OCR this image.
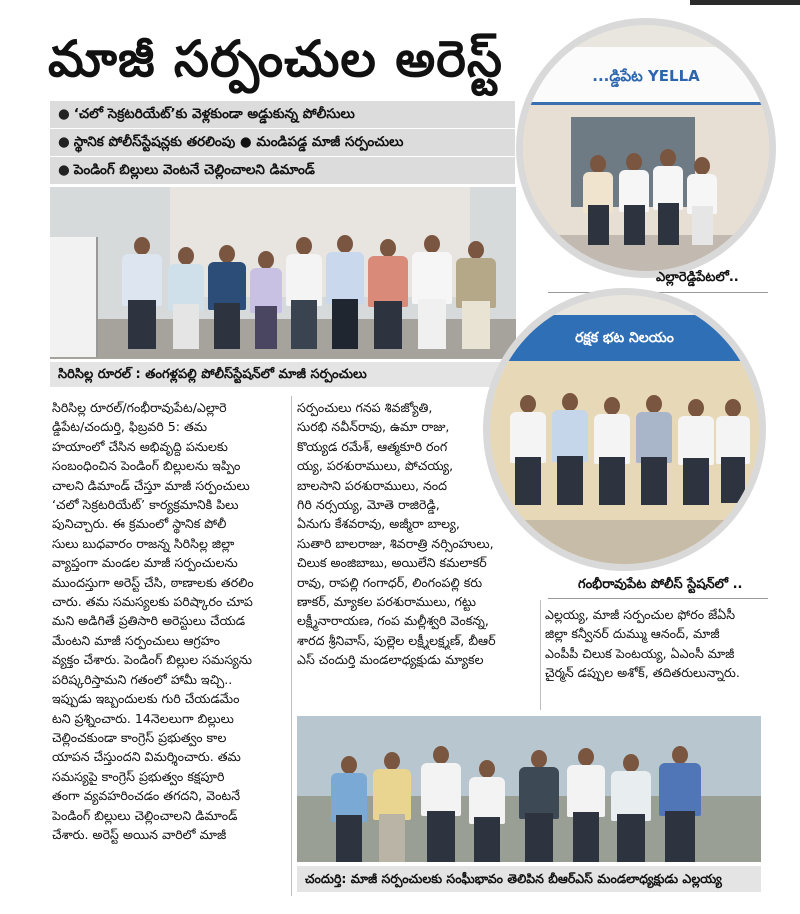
మాజీ సర్పంచుల అరెస్ట్
● ‘చలో సెక్రటరియేట్’కు వెళ్లకుండా అడ్డుకున్న పోలీసులు
● స్థానిక పోలీస్‌స్టేషన్లకు తరలింపు ● మండిపడ్డ మాజీ సర్పంచులు
● పెండింగ్ బిల్లులు వెంటనే చెల్లించాలని డిమాండ్
సిరిసిల్ల రూరల్ : తంగళ్లపల్లి పోలీస్‌స్టేషన్‌లో మాజీ సర్పంచులు
...డ్డిపేట YELLA
ఎల్లారెడ్డిపేటలో..
రక్షక భట నిలయం
గంభీరావుపేట పోలీస్ స్టేషన్‌లో ..
సిరిసిల్ల రూరల్/గంభీరావుపేట/ఎల్లారె
డ్డిపేట/చందుర్తి, ఫిబ్రవరి 5: తమ
హయాంలో చేసిన అభివృద్ధి పనులకు
సంబంధించిన పెండింగ్ బిల్లులను ఇప్పిం
చాలని డిమాండ్ చేస్తూ మాజీ సర్పంచులు
‘చలో సెక్రటరియేట్’ కార్యక్రమానికి పిలు
పునిచ్చారు. ఈ క్రమంలో స్థానిక పోలీ
సులు బుధవారం రాజన్న సిరిసిల్ల జిల్లా
వ్యాప్తంగా మండల మాజీ సర్పంచులను
ముందస్తుగా అరెస్ట్ చేసి, ఠాణాలకు తరలిం
చారు. తమ సమస్యలకు పరిష్కారం చూప
మని అడిగితే ప్రతిసారి అరెస్టులు చేయడ
మేంటని మాజీ సర్పంచులు ఆగ్రహం
వ్యక్తం చేశారు. పెండింగ్ బిల్లుల సమస్యను
పరిష్కరిస్తామని గతంలో హామీ ఇచ్చి..
ఇప్పుడు ఇబ్బందులకు గురి చేయడమేం
టని ప్రశ్నించారు. 14నెలలుగా బిల్లులు
చెల్లించకుండా కాంగ్రెస్ ప్రభుత్వం కాల
యాపన చేస్తుందని విమర్శించారు. తమ
సమస్యపై కాంగ్రెస్ ప్రభుత్వం కక్షపూరి
తంగా వ్యవహరించడం తగదని, వెంటనే
పెండింగ్ బిల్లులు చెల్లించాలని డిమాండ్
చేశారు. అరెస్ట్ అయిన వారిలో మాజీ
సర్పంచులు గనప శివజ్యోతి,
సురభి నవీన్‌రావు, ఉమా రాజు,
కొయ్యడ రమేశ్, ఆత్మకూరి రంగ
య్య, పరశురాములు, పోచయ్య,
బాలసాని పరశురాములు, నంద
గిరి నర్సయ్య, మోతె రాజిరెడ్డి,
ఏనుగు కేశవరావు, అజ్మీరా బాల్య,
సుతారి బాలరాజు, శివరాత్రి నర్సింహులు,
చిలుక అంజిబాబు, అయిలేని కమలాకర్
రావు, రాపల్లి గంగాధర్, లింగంపల్లి కరు
ణాకర్, మ్యాకల పరశురాములు, గట్టు
లక్ష్మీనారాయణ, గంప మల్లీశ్వరి వెంకన్న,
శారద శ్రీనివాస్, పుల్లెల లక్ష్మీలక్ష్మణ్, బీఆర్
ఎస్ చందుర్తి మండలాధ్యక్షుడు మ్యాకల
ఎల్లయ్య, మాజీ సర్పంచుల ఫోరం జేఏసీ
జిల్లా కన్వీనర్ దుమ్ము ఆనంద్, మాజీ
ఎంపీపీ చిలుక పెంటయ్య, ఏఎంసీ మాజీ
చైర్మన్ డప్పుల అశోక్, తదితరులున్నారు.
చందుర్తి: మాజీ సర్పంచులకు సంఘీభావం తెలిపిన బీఆర్ఎస్ మండలాధ్యక్షుడు ఎల్లయ్య
